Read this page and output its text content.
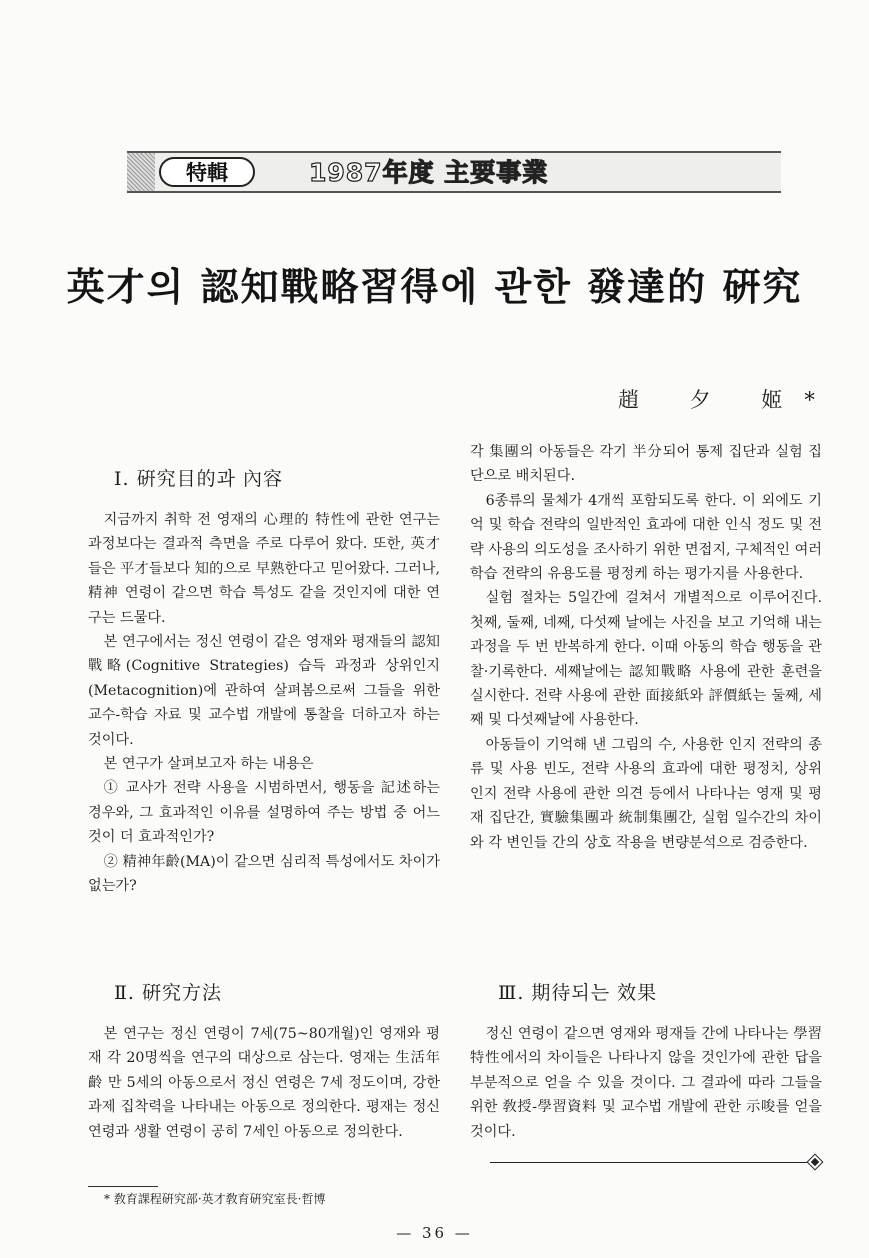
特輯	1987年度 主要事業
英才의 認知戰略習得에 관한 發達的 硏究
趙 夕 姬*
Ⅰ. 硏究目的과 內容

지금까지 취학 전 영재의 心理的 特性에 관한 연구는 과정보다는 결과적 측면을 주로 다루어 왔다. 또한, 英才들은 平才들보다 知的으로 早熟한다고 믿어왔다. 그러나, 精神 연령이 같으면 학습 특성도 같을 것인지에 대한 연구는 드물다.

본 연구에서는 정신 연령이 같은 영재와 평재들의 認知戰略(Cognitive Strategies) 습득 과정과 상위인지 (Metacognition)에 관하여 살펴봄으로써 그들을 위한 교수-학습 자료 및 교수법 개발에 통찰을 더하고자 하는 것이다.

본 연구가 살펴보고자 하는 내용은

① 교사가 전략 사용을 시범하면서, 행동을 記述하는 경우와, 그 효과적인 이유를 설명하여 주는 방법 중 어느 것이 더 효과적인가?

② 精神年齡(MA)이 같으면 심리적 특성에서도 차이가 없는가?

Ⅱ. 硏究方法

본 연구는 정신 연령이 7세(75~80개월)인 영재와 평재 각 20명씩을 연구의 대상으로 삼는다. 영재는 生活年齡 만 5세의 아동으로서 정신 연령은 7세 정도이며, 강한 과제 집착력을 나타내는 아동으로 정의한다. 평재는 정신 연령과 생활 연령이 공히 7세인 아동으로 정의한다.

각 集團의 아동들은 각기 半分되어 통제 집단과 실험 집단으로 배치된다.

6종류의 물체가 4개씩 포함되도록 한다. 이 외에도 기억 및 학습 전략의 일반적인 효과에 대한 인식 정도 및 전략 사용의 의도성을 조사하기 위한 면접지, 구체적인 여러 학습 전략의 유용도를 평정케 하는 평가지를 사용한다.

실험 절차는 5일간에 걸쳐서 개별적으로 이루어진다. 첫째, 둘째, 네째, 다섯째 날에는 사진을 보고 기억해 내는 과정을 두 번 반복하게 한다. 이때 아동의 학습 행동을 관찰·기록한다. 세째날에는 認知戰略 사용에 관한 훈련을 실시한다. 전략 사용에 관한 面接紙와 評價紙는 둘째, 세째 및 다섯째날에 사용한다.

아동들이 기억해 낸 그림의 수, 사용한 인지 전략의 종류 및 사용 빈도, 전략 사용의 효과에 대한 평정치, 상위 인지 전략 사용에 관한 의견 등에서 나타나는 영재 및 평재 집단간, 實驗集團과 統制集團간, 실험 일수간의 차이와 각 변인들 간의 상호 작용을 변량분석으로 검증한다.

Ⅲ. 期待되는 效果

정신 연령이 같으면 영재와 평재들 간에 나타나는 學習特性에서의 차이들은 나타나지 않을 것인가에 관한 답을 부분적으로 얻을 수 있을 것이다. 그 결과에 따라 그들을 위한 敎授-學習資料 및 교수법 개발에 관한 示唆를 얻을 것이다.

* 敎育課程硏究部·英才敎育硏究室長·哲博
— 36 —
